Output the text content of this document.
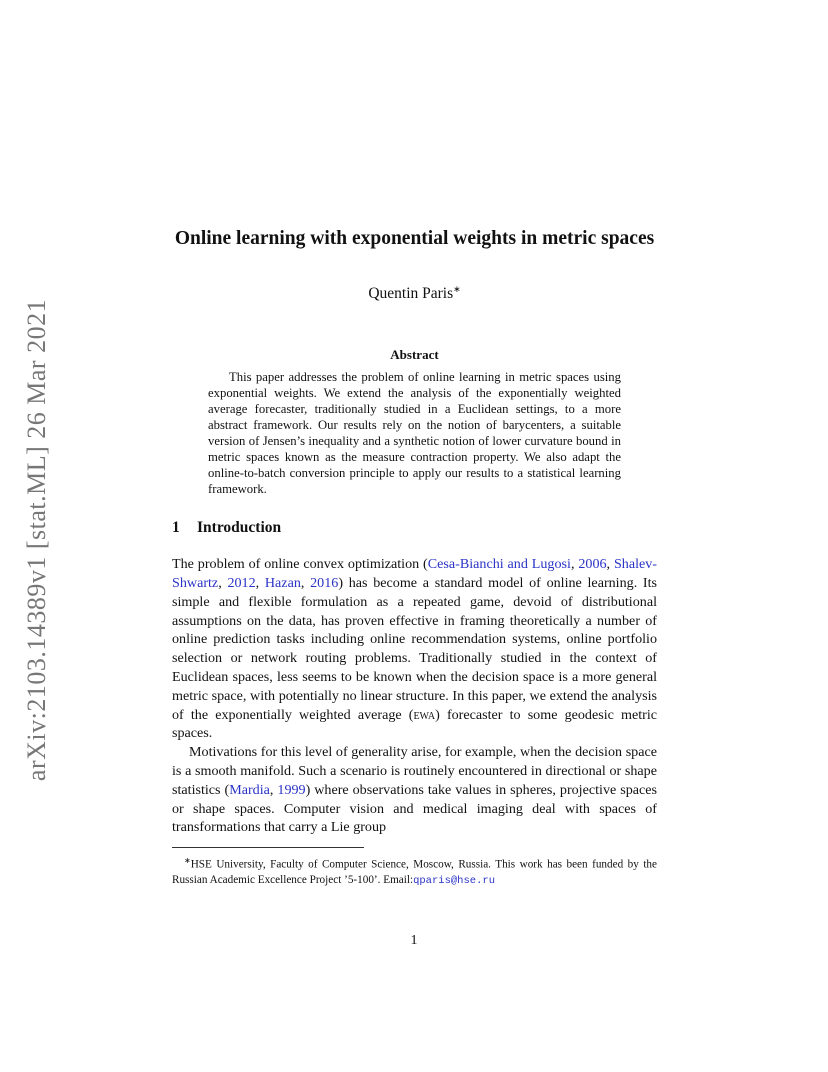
arXiv:2103.14389v1 [stat.ML] 26 Mar 2021
Online learning with exponential weights in metric spaces
Quentin Paris∗
Abstract

This paper addresses the problem of online learning in metric spaces using exponential weights. We extend the analysis of the exponentially weighted average forecaster, traditionally studied in a Euclidean settings, to a more abstract framework. Our results rely on the notion of barycenters, a suitable version of Jensen’s inequality and a synthetic notion of lower curvature bound in metric spaces known as the measure contraction property. We also adapt the online-to-batch conversion principle to apply our results to a statistical learning framework.

1 Introduction

The problem of online convex optimization (Cesa-Bianchi and Lugosi, 2006, Shalev-Shwartz, 2012, Hazan, 2016) has become a standard model of online learning. Its simple and flexible formulation as a repeated game, devoid of distributional assumptions on the data, has proven effective in framing theoretically a number of online prediction tasks including online recommendation systems, online portfolio selection or network routing problems. Traditionally studied in the context of Euclidean spaces, less seems to be known when the decision space is a more general metric space, with potentially no linear structure. In this paper, we extend the analysis of the exponentially weighted average (ewa) forecaster to some geodesic metric spaces.

Motivations for this level of generality arise, for example, when the decision space is a smooth manifold. Such a scenario is routinely encountered in directional or shape statistics (Mardia, 1999) where observations take values in spheres, projective spaces or shape spaces. Computer vision and medical imaging deal with spaces of transformations that carry a Lie group

∗HSE University, Faculty of Computer Science, Moscow, Russia. This work has been funded by the Russian Academic Excellence Project ’5-100’. Email:qparis@hse.ru
1
